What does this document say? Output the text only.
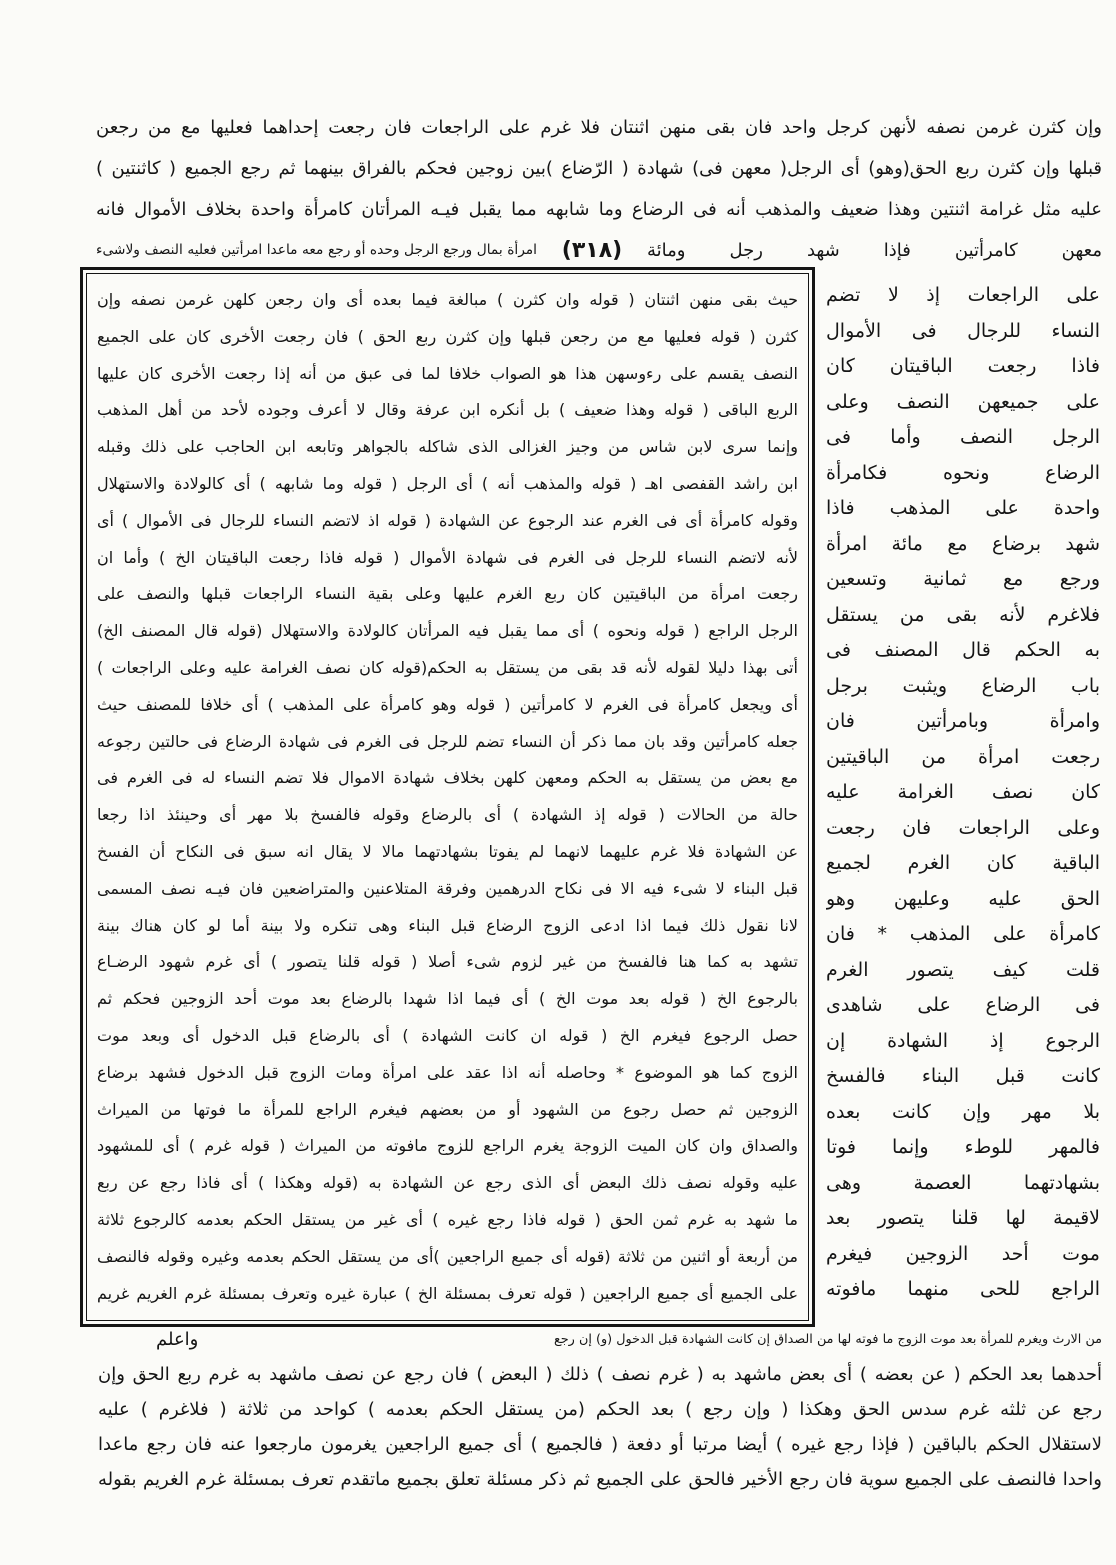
وإن كثرن غرمن نصفه لأنهن كرجل واحد فان بقى منهن اثنتان فلا غرم على الراجعات فان رجعت إحداهما فعليها مع من رجعن
قبلها وإن كثرن ربع الحق(وهو) أى الرجل( معهن فى) شهادة ( الرّضاع )بين زوجين فحكم بالفراق بينهما ثم رجع الجميع ( كاثنتين )
عليه مثل غرامة اثنتين وهذا ضعيف والمذهب أنه فى الرضاع وما شابهه مما يقبل فيـه المرأتان كامرأة واحدة بخلاف الأموال فانه
معهن كامرأتين فإذا شهد رجل ومائة
(٣١٨)
امرأة بمال ورجع الرجل وحده أو رجع معه ماعدا امرأتين فعليه النصف ولاشىء
حيث بقى منهن اثنتان ( قوله وان كثرن ) مبالغة فيما بعده أى وان رجعن كلهن غرمن نصفه وإن
كثرن ( قوله فعليها مع من رجعن قبلها وإن كثرن ربع الحق ) فان رجعت الأخرى كان على الجميع
النصف يقسم على رءوسهن هذا هو الصواب خلافا لما فى عبق من أنه إذا رجعت الأخرى كان عليها
الربع الباقى ( قوله وهذا ضعيف ) بل أنكره ابن عرفة وقال لا أعرف وجوده لأحد من أهل المذهب
وإنما سرى لابن شاس من وجيز الغزالى الذى شاكله بالجواهر وتابعه ابن الحاجب على ذلك وقبله
ابن راشد القفصى اهـ ( قوله والمذهب أنه ) أى الرجل ( قوله وما شابهه ) أى كالولادة والاستهلال
وقوله كامرأة أى فى الغرم عند الرجوع عن الشهادة ( قوله اذ لاتضم النساء للرجال فى الأموال ) أى
لأنه لاتضم النساء للرجل فى الغرم فى شهادة الأموال ( قوله فاذا رجعت الباقيتان الخ ) وأما ان
رجعت امرأة من الباقيتين كان ربع الغرم عليها وعلى بقية النساء الراجعات قبلها والنصف على
الرجل الراجع ( قوله ونحوه ) أى مما يقبل فيه المرأتان كالولادة والاستهلال (قوله قال المصنف الخ)
أتى بهذا دليلا لقوله لأنه قد بقى من يستقل به الحكم(قوله كان نصف الغرامة عليه وعلى الراجعات )
أى ويجعل كامرأة فى الغرم لا كامرأتين ( قوله وهو كامرأة على المذهب ) أى خلافا للمصنف حيث
جعله كامرأتين وقد بان مما ذكر أن النساء تضم للرجل فى الغرم فى شهادة الرضاع فى حالتين رجوعه
مع بعض من يستقل به الحكم ومعهن كلهن بخلاف شهادة الاموال فلا تضم النساء له فى الغرم فى
حالة من الحالات ( قوله إذ الشهادة ) أى بالرضاع وقوله فالفسخ بلا مهر أى وحينئذ اذا رجعا
عن الشهادة فلا غرم عليهما لانهما لم يفوتا بشهادتهما مالا لا يقال انه سبق فى النكاح أن الفسخ
قبل البناء لا شىء فيه الا فى نكاح الدرهمين وفرقة المتلاعنين والمتراضعين فان فيـه نصف المسمى
لانا نقول ذلك فيما اذا ادعى الزوج الرضاع قبل البناء وهى تنكره ولا بينة أما لو كان هناك بينة
تشهد به كما هنا فالفسخ من غير لزوم شىء أصلا ( قوله قلنا يتصور ) أى غرم شهود الرضـاع
بالرجوع الخ ( قوله بعد موت الخ ) أى فيما اذا شهدا بالرضاع بعد موت أحد الزوجين فحكم ثم
حصل الرجوع فيغرم الخ ( قوله ان كانت الشهادة ) أى بالرضاع قبل الدخول أى وبعد موت
الزوج كما هو الموضوع * وحاصله أنه اذا عقد على امرأة ومات الزوج قبل الدخول فشهد برضاع
الزوجين ثم حصل رجوع من الشهود أو من بعضهم فيغرم الراجع للمرأة ما فوتها من الميراث
والصداق وان كان الميت الزوجة يغرم الراجع للزوج مافوته من الميراث ( قوله غرم ) أى للمشهود
عليه وقوله نصف ذلك البعض أى الذى رجع عن الشهادة به (قوله وهكذا ) أى فاذا رجع عن ربع
ما شهد به غرم ثمن الحق ( قوله فاذا رجع غيره ) أى غير من يستقل الحكم بعدمه كالرجوع ثلاثة
من أربعة أو اثنين من ثلاثة (قوله أى جميع الراجعين )أى من يستقل الحكم بعدمه وغيره وقوله فالنصف
على الجميع أى جميع الراجعين ( قوله تعرف بمسئلة الخ ) عبارة غيره وتعرف بمسئلة غرم الغريم غريم
على الراجعات إذ لا تضم
النساء للرجال فى الأموال
فاذا رجعت الباقيتان كان
على جميعهن النصف وعلى
الرجل النصف وأما فى
الرضاع ونحوه فكامرأة
واحدة على المذهب فاذا
شهد برضاع مع مائة امرأة
ورجع مع ثمانية وتسعين
فلاغرم لأنه بقى من يستقل
به الحكم قال المصنف فى
باب الرضاع ويثبت برجل
وامرأة وبامرأتين فان
رجعت امرأة من الباقيتين
كان نصف الغرامة عليه
وعلى الراجعات فان رجعت
الباقية كان الغرم لجميع
الحق عليه وعليهن وهو
كامرأة على المذهب * فان
قلت كيف يتصور الغرم
فى الرضاع على شاهدى
الرجوع إذ الشهادة إن
كانت قبل البناء فالفسخ
بلا مهر وإن كانت بعده
فالمهر للوطء وإنما فوتا
بشهادتهما العصمة وهى
لاقيمة لها قلنا يتصور بعد
موت أحد الزوجين فيغرم
الراجع للحى منهما مافوته
من الارث ويغرم للمرأة بعد موت الزوج ما فوته لها من الصداق إن كانت الشهادة قبل الدخول (و) إن رجع
واعلم
أحدهما بعد الحكم ( عن بعضه ) أى بعض ماشهد به ( غرم نصف ) ذلك ( البعض ) فان رجع عن نصف ماشهد به غرم ربع الحق وإن
رجع عن ثلثه غرم سدس الحق وهكذا ( وإن رجع ) بعد الحكم (من يستقل الحكم بعدمه ) كواحد من ثلاثة ( فلاغرم ) عليه
لاستقلال الحكم بالباقين ( فإذا رجع غيره ) أيضا مرتبا أو دفعة ( فالجميع ) أى جميع الراجعين يغرمون مارجعوا عنه فان رجع ماعدا
واحدا فالنصف على الجميع سوية فان رجع الأخير فالحق على الجميع ثم ذكر مسئلة تعلق بجميع ماتقدم تعرف بمسئلة غرم الغريم بقوله
